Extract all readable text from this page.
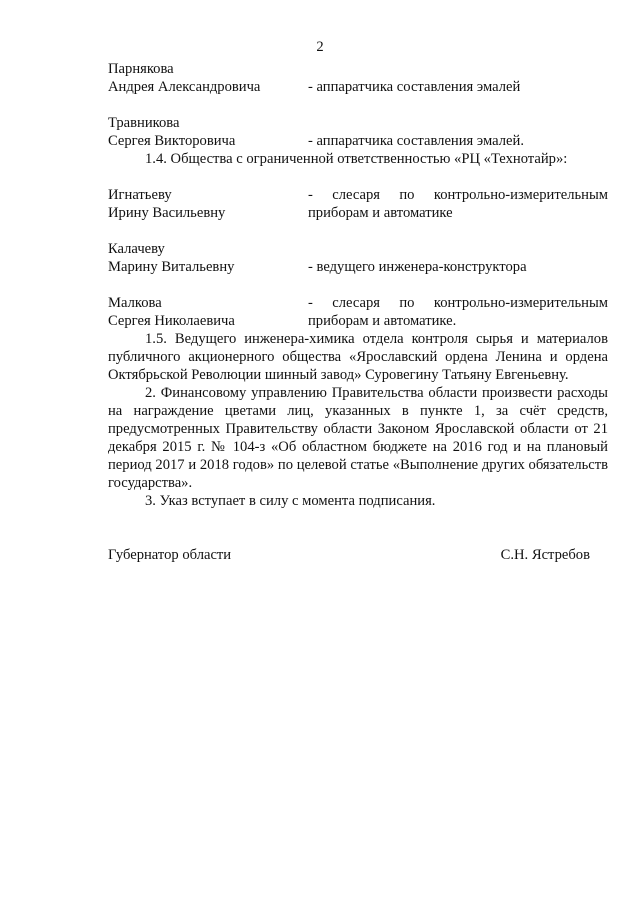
2
Парнякова
Андрея Александровича	- аппаратчика составления эмалей
Травникова
Сергея Викторовича	- аппаратчика составления эмалей.

1.4. Общества с ограниченной ответственностью «РЦ «Технотайр»:

Игнатьеву	- слесаря по контрольно-измерительным
Ирину Васильевну	приборам и автоматике
Калачеву
Марину Витальевну	- ведущего инженера-конструктора
Малкова	- слесаря по контрольно-измерительным
Сергея Николаевича	приборам и автоматике.

1.5. Ведущего инженера-химика отдела контроля сырья и материалов публичного акционерного общества «Ярославский ордена Ленина и ордена Октябрьской Революции шинный завод» Суровегину Татьяну Евгеньевну.

2. Финансовому управлению Правительства области произвести расходы на награждение цветами лиц, указанных в пункте 1, за счёт средств, предусмотренных Правительству области Законом Ярославской области от 21 декабря 2015 г. № 104-з «Об областном бюджете на 2016 год и на плановый период 2017 и 2018 годов» по целевой статье «Выполнение других обязательств государства».

3. Указ вступает в силу с момента подписания.

Губернатор области	С.Н. Ястребов
